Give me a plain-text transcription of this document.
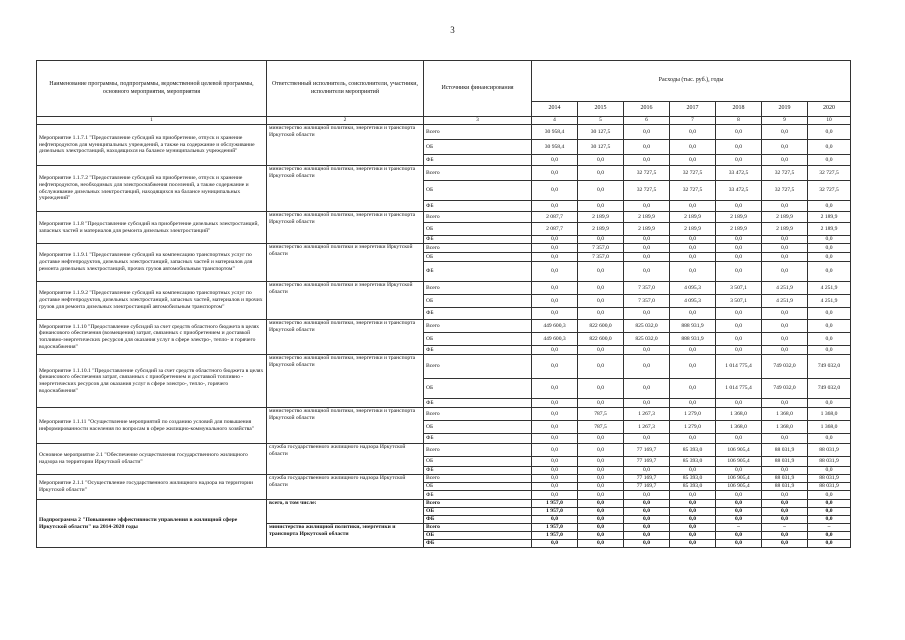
3
Наименование программы, подпрограммы, ведомственной целевой программы, основного мероприятия, мероприятия	Ответственный исполнитель, соисполнители, участники, исполнители мероприятий	Источники финансирования	Расходы (тыс. руб.), годы						
			2014	2015	2016	2017	2018	2019	2020
1	2	3	4	5	6	7	8	9	10
Мероприятие 1.1.7.1 "Предоставление субсидий на приобретение, отпуск и хранение нефтепродуктов для муниципальных учреждений, а также на содержание и обслуживание дизельных электростанций, находящихся на балансе муниципальных учреждений"	министерство жилищной политики, энергетики и транспорта Иркутской области	Всего	30 958,4	30 127,5	0,0	0,0	0,0	0,0	0,0
		ОБ	30 958,4	30 127,5	0,0	0,0	0,0	0,0	0,0
		ФБ	0,0	0,0	0,0	0,0	0,0	0,0	0,0
Мероприятие 1.1.7.2 "Предоставление субсидий на приобретение, отпуск и хранение нефтепродуктов, необходимых для электроснабжения поселений, а также содержание и обслуживание дизельных электростанций, находящихся на балансе муниципальных учреждений"	министерство жилищной политики, энергетики и транспорта Иркутской области	Всего	0,0	0,0	32 727,5	32 727,5	33 472,5	32 727,5	32 727,5
		ОБ	0,0	0,0	32 727,5	32 727,5	33 472,5	32 727,5	32 727,5
		ФБ	0,0	0,0	0,0	0,0	0,0	0,0	0,0
Мероприятие 1.1.8 "Предоставление субсидий на приобретение дизельных электростанций, запасных частей и материалов для ремонта дизельных электростанций"	министерство жилищной политики, энергетики и транспорта Иркутской области	Всего	2 087,7	2 189,9	2 189,9	2 189,9	2 189,9	2 189,9	2 189,9
		ОБ	2 087,7	2 189,9	2 189,9	2 189,9	2 189,9	2 189,9	2 189,9
		ФБ	0,0	0,0	0,0	0,0	0,0	0,0	0,0
Мероприятие 1.1.9.1 "Предоставление субсидий на компенсацию транспортных услуг по доставке нефтепродуктов, дизельных электростанций, запасных частей и материалов для ремонта дизельных электростанций, прочих грузов автомобильным транспортом"	министерство жилищной политики и энергетики Иркутской области	Всего	0,0	7 357,0	0,0	0,0	0,0	0,0	0,0
		ОБ	0,0	7 357,0	0,0	0,0	0,0	0,0	0,0
		ФБ	0,0	0,0	0,0	0,0	0,0	0,0	0,0
Мероприятие 1.1.9.2 "Предоставление субсидий на компенсацию транспортных услуг по доставке нефтепродуктов, дизельных электростанций, запасных частей, материалов и прочих грузов для ремонта дизельных электростанций автомобильным транспортом"	министерство жилищной политики и энергетики Иркутской области	Всего	0,0	0,0	7 357,0	4 095,3	3 507,1	4 251,9	4 251,9
		ОБ	0,0	0,0	7 357,0	4 095,3	3 507,1	4 251,9	4 251,9
		ФБ	0,0	0,0	0,0	0,0	0,0	0,0	0,0
Мероприятие 1.1.10 "Предоставление субсидий за счет средств областного бюджета в целях финансового обеспечения (возмещения) затрат, связанных с приобретением и доставкой топливно-энергетических ресурсов для оказания услуг в сфере электро-, тепло- и горячего водоснабжения"	министерство жилищной политики, энергетики и транспорта Иркутской области	Всего	449 600,3	822 600,0	825 032,0	888 931,9	0,0	0,0	0,0
		ОБ	449 600,3	822 600,0	825 032,0	888 931,9	0,0	0,0	0,0
		ФБ	0,0	0,0	0,0	0,0	0,0	0,0	0,0
Мероприятие 1.1.10.1 "Предоставление субсидий за счет средств областного бюджета в целях финансового обеспечения затрат, связанных с приобретением и доставкой топливно - энергетических ресурсов для оказания услуг в сфере электро-, тепло-, горячего водоснабжения"	министерство жилищной политики, энергетики и транспорта Иркутской области	Всего	0,0	0,0	0,0	0,0	1 014 775,4	749 032,0	749 032,0
		ОБ	0,0	0,0	0,0	0,0	1 014 775,4	749 032,0	749 032,0
		ФБ	0,0	0,0	0,0	0,0	0,0	0,0	0,0
Мероприятие 1.1.11 "Осуществление мероприятий по созданию условий для повышения информированности населения по вопросам в сфере жилищно-коммунального хозяйства"	министерство жилищной политики, энергетики и транспорта Иркутской области	Всего	0,0	787,5	1 267,3	1 279,0	1 368,0	1 368,0	1 368,0
		ОБ	0,0	787,5	1 267,3	1 279,0	1 368,0	1 368,0	1 368,0
		ФБ	0,0	0,0	0,0	0,0	0,0	0,0	0,0
Основное мероприятие 2.1 "Обеспечение осуществления государственного жилищного надзора на территории Иркутской области"	служба государственного жилищного надзора Иркутской области	Всего	0,0	0,0	77 169,7	85 393,0	106 905,4	88 031,9	88 031,9
		ОБ	0,0	0,0	77 169,7	85 393,0	106 905,4	88 031,9	88 031,9
		ФБ	0,0	0,0	0,0	0,0	0,0	0,0	0,0
Мероприятие 2.1.1 "Осуществление государственного жилищного надзора на территории Иркутской области"	служба государственного жилищного надзора Иркутской области	Всего	0,0	0,0	77 169,7	85 393,0	106 905,4	88 031,9	88 031,9
		ОБ	0,0	0,0	77 169,7	85 393,0	106 905,4	88 031,9	88 031,9
		ФБ	0,0	0,0	0,0	0,0	0,0	0,0	0,0
Подпрограмма 2 "Повышение эффективности управления в жилищной сфере Иркутской области" на 2014-2020 годы	всего, в том числе:	Всего	1 957,0	0,0	0,0	0,0	0,0	0,0	0,0
		ОБ	1 957,0	0,0	0,0	0,0	0,0	0,0	0,0
		ФБ	0,0	0,0	0,0	0,0	0,0	0,0	0,0
	министерство жилищной политики, энергетики и транспорта Иркутской области	Всего	1 957,0	0,0	0,0	0,0	–	–	–
		ОБ	1 957,0	0,0	0,0	0,0	0,0	0,0	0,0
		ФБ	0,0	0,0	0,0	0,0	0,0	0,0	0,0
